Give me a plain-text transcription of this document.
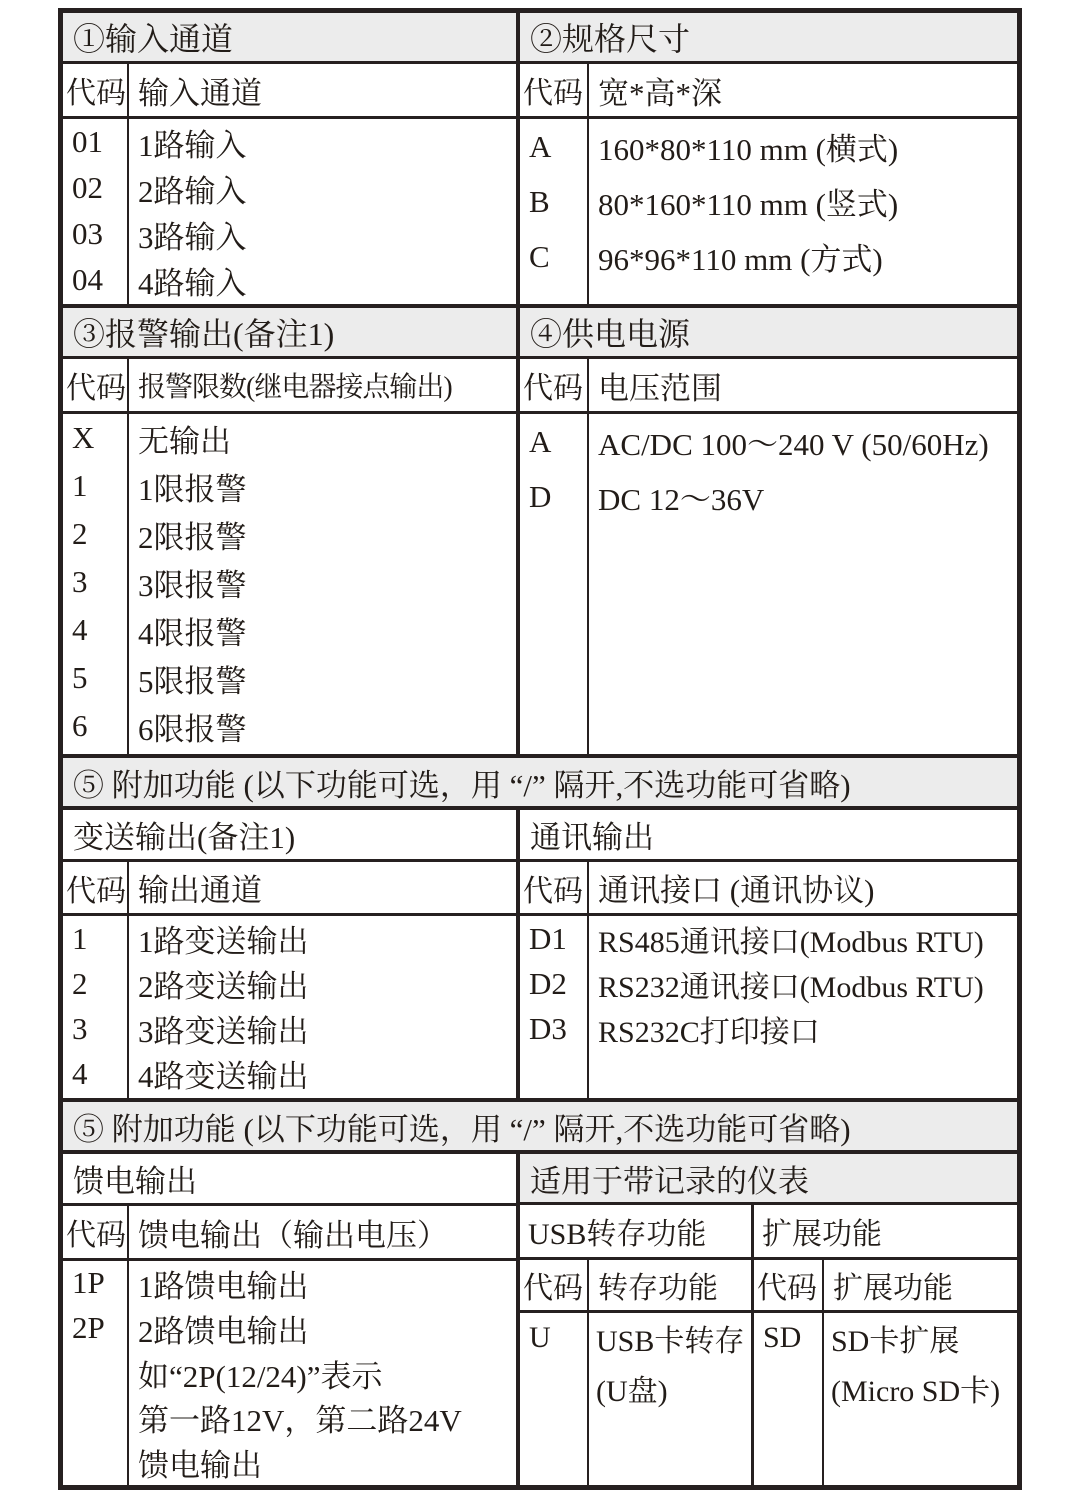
①输入通道
代码 输入通道
01
02
03
04
1路输入
2路输入
3路输入
4路输入
②规格尺寸
代码 宽*高*深
A
B
C
160*80*110 mm (横式)
80*160*110 mm (竖式)
96*96*110 mm (方式)
③报警输出(备注1)
代码 报警限数(继电器接点输出)
X
1
2
3
4
5
6
无输出
1限报警
2限报警
3限报警
4限报警
5限报警
6限报警
④供电电源
代码 电压范围
A
D
AC/DC 100～240 V (50/60Hz)
DC 12～36V
⑤ 附加功能 (以下功能可选，用 “/” 隔开,不选功能可省略)
变送输出(备注1)
代码 输出通道
1
2
3
4
1路变送输出
2路变送输出
3路变送输出
4路变送输出
通讯输出
代码 通讯接口 (通讯协议)
D1
D2
D3
RS485通讯接口(Modbus RTU)
RS232通讯接口(Modbus RTU)
RS232C打印接口
⑤ 附加功能 (以下功能可选，用 “/” 隔开,不选功能可省略)
馈电输出
代码 馈电输出（输出电压）
1P
2P
1路馈电输出
2路馈电输出
如“2P(12/24)”表示
第一路12V，第二路24V
馈电输出
适用于带记录的仪表
USB转存功能
代码 转存功能
U	USB卡转存
(U盘)
扩展功能
代码 扩展功能
SD SD卡扩展
(Micro SD卡)
